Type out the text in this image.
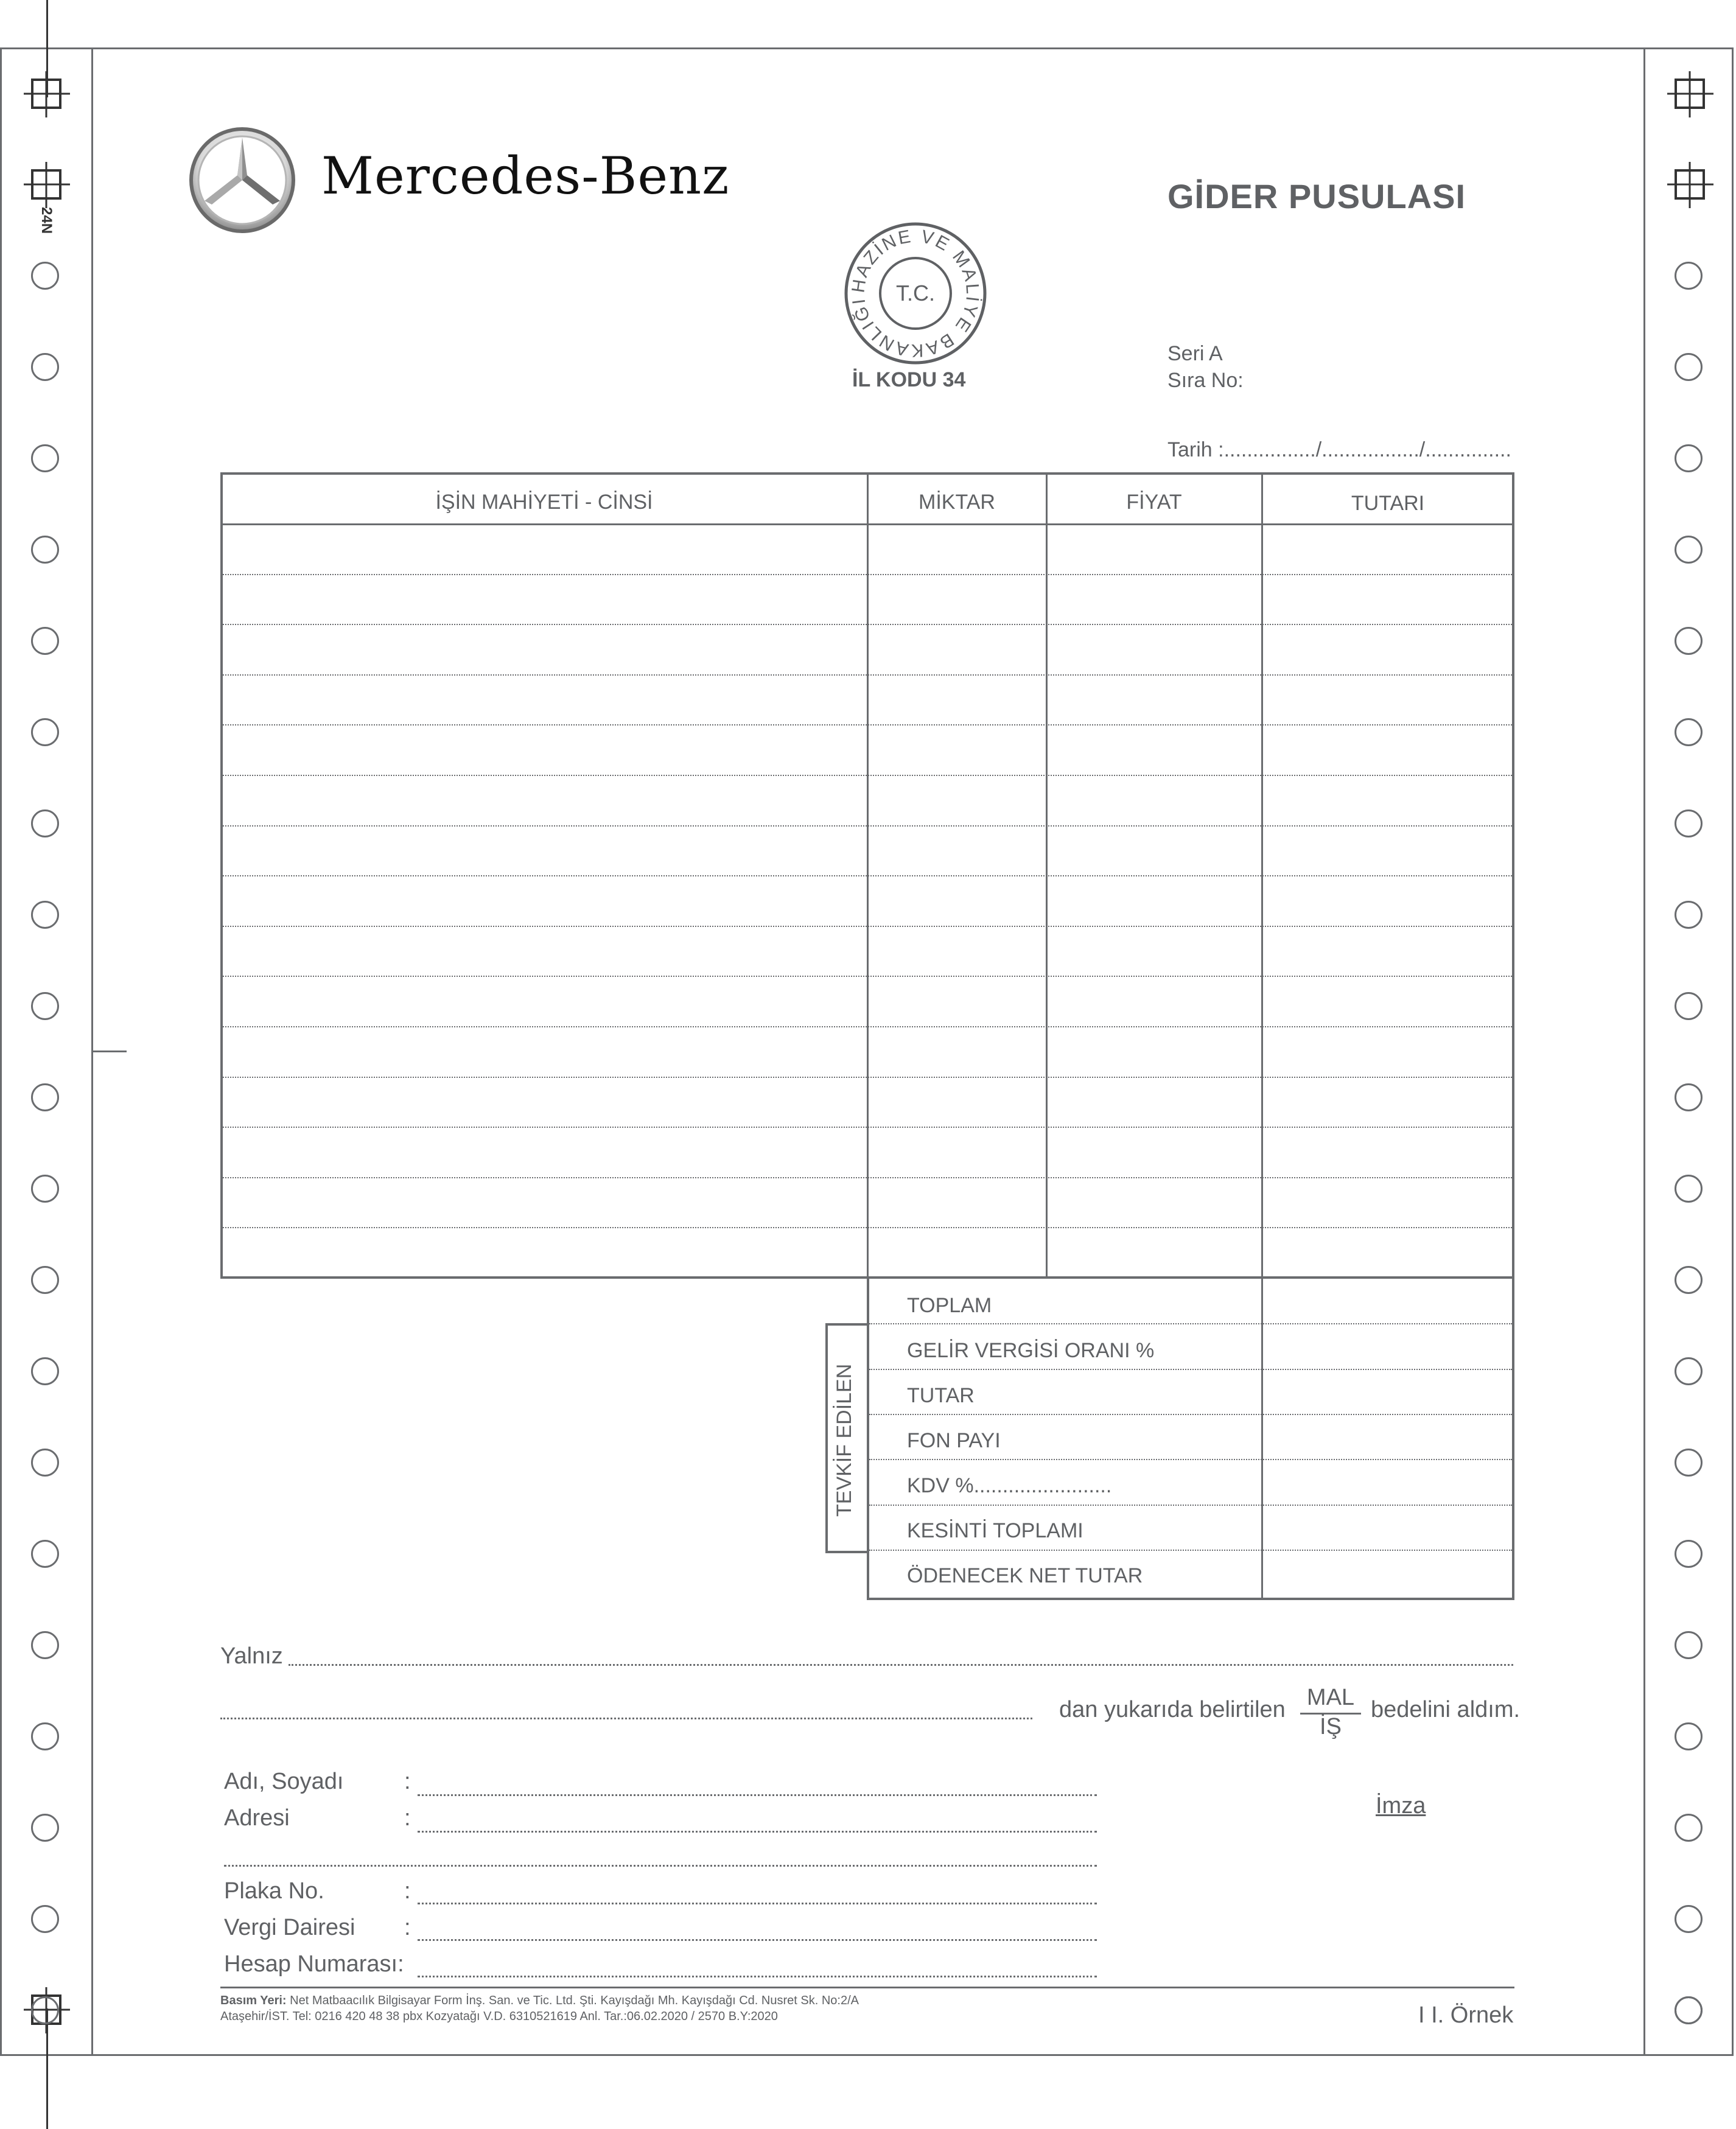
24N
Mercedes-Benz	GİDER PUSULASI
HAZİNE VE MALİYE BAKANLIĞI	T.C.
İL KODU 34
Seri A
Sıra No:
Tarih :................/................./...............
İŞİN MAHİYETİ - CİNSİ	MİKTAR	FİYAT	TUTARI
TEVKİF EDİLEN
TOPLAM
GELİR VERGİSİ ORANI %
TUTAR
FON PAYI
KDV %........................
KESİNTİ TOPLAMI
ÖDENECEK NET TUTAR
Yalnız
dan yukarıda belirtilen MAL
İŞ
bedelini aldım.
Adı, Soyadı	:
Adresi	:
Plaka No.	:
Vergi Dairesi :
Hesap Numarası:
İmza
Basım Yeri: Net Matbaacılık Bilgisayar Form İnş. San. ve Tic. Ltd. Şti. Kayışdağı Mh. Kayışdağı Cd. Nusret Sk. No:2/A
Ataşehir/İST. Tel: 0216 420 48 38 pbx Kozyatağı V.D. 6310521619 Anl. Tar.:06.02.2020 / 2570 B.Y:2020	I I. Örnek
